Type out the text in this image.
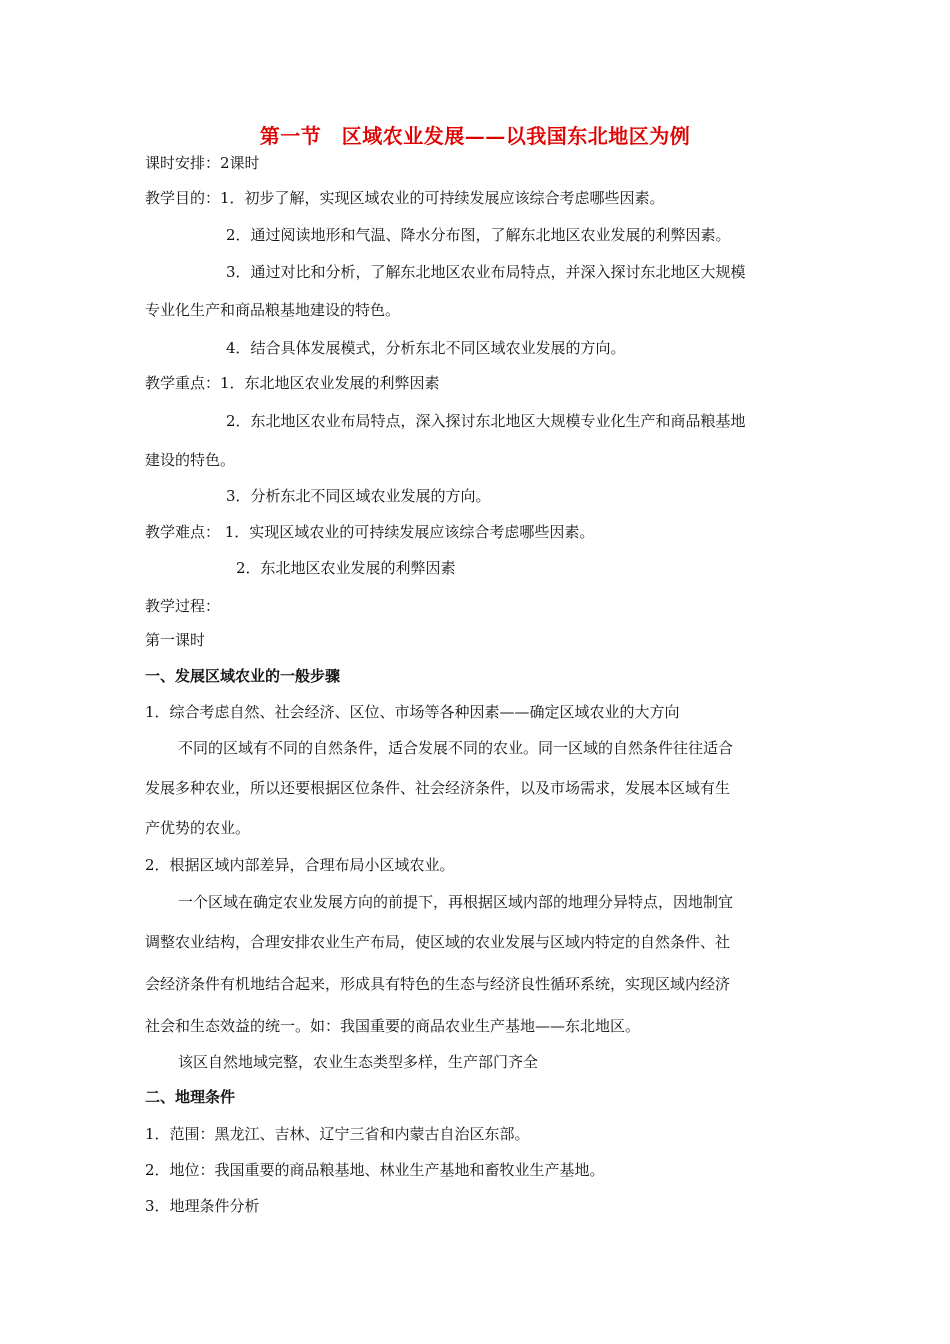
第一节　区域农业发展——以我国东北地区为例
课时安排：2课时
教学目的：1．初步了解，实现区域农业的可持续发展应该综合考虑哪些因素。
2．通过阅读地形和气温、降水分布图，了解东北地区农业发展的利弊因素。
3．通过对比和分析，了解东北地区农业布局特点，并深入探讨东北地区大规模
专业化生产和商品粮基地建设的特色。
4．结合具体发展模式，分析东北不同区域农业发展的方向。
教学重点：1．东北地区农业发展的利弊因素
2．东北地区农业布局特点，深入探讨东北地区大规模专业化生产和商品粮基地
建设的特色。
3．分析东北不同区域农业发展的方向。
教学难点： 1．实现区域农业的可持续发展应该综合考虑哪些因素。
2．东北地区农业发展的利弊因素
教学过程：
第一课时
一、发展区域农业的一般步骤
1．综合考虑自然、社会经济、区位、市场等各种因素——确定区域农业的大方向
不同的区域有不同的自然条件，适合发展不同的农业。同一区域的自然条件往往适合
发展多种农业，所以还要根据区位条件、社会经济条件，以及市场需求，发展本区域有生
产优势的农业。
2．根据区域内部差异，合理布局小区域农业。
一个区域在确定农业发展方向的前提下，再根据区域内部的地理分异特点，因地制宜
调整农业结构，合理安排农业生产布局，使区域的农业发展与区域内特定的自然条件、社
会经济条件有机地结合起来，形成具有特色的生态与经济良性循环系统，实现区域内经济
社会和生态效益的统一。如：我国重要的商品农业生产基地——东北地区。
该区自然地域完整，农业生态类型多样，生产部门齐全
二、地理条件
1．范围：黑龙江、吉林、辽宁三省和内蒙古自治区东部。
2．地位：我国重要的商品粮基地、林业生产基地和畜牧业生产基地。
3．地理条件分析
